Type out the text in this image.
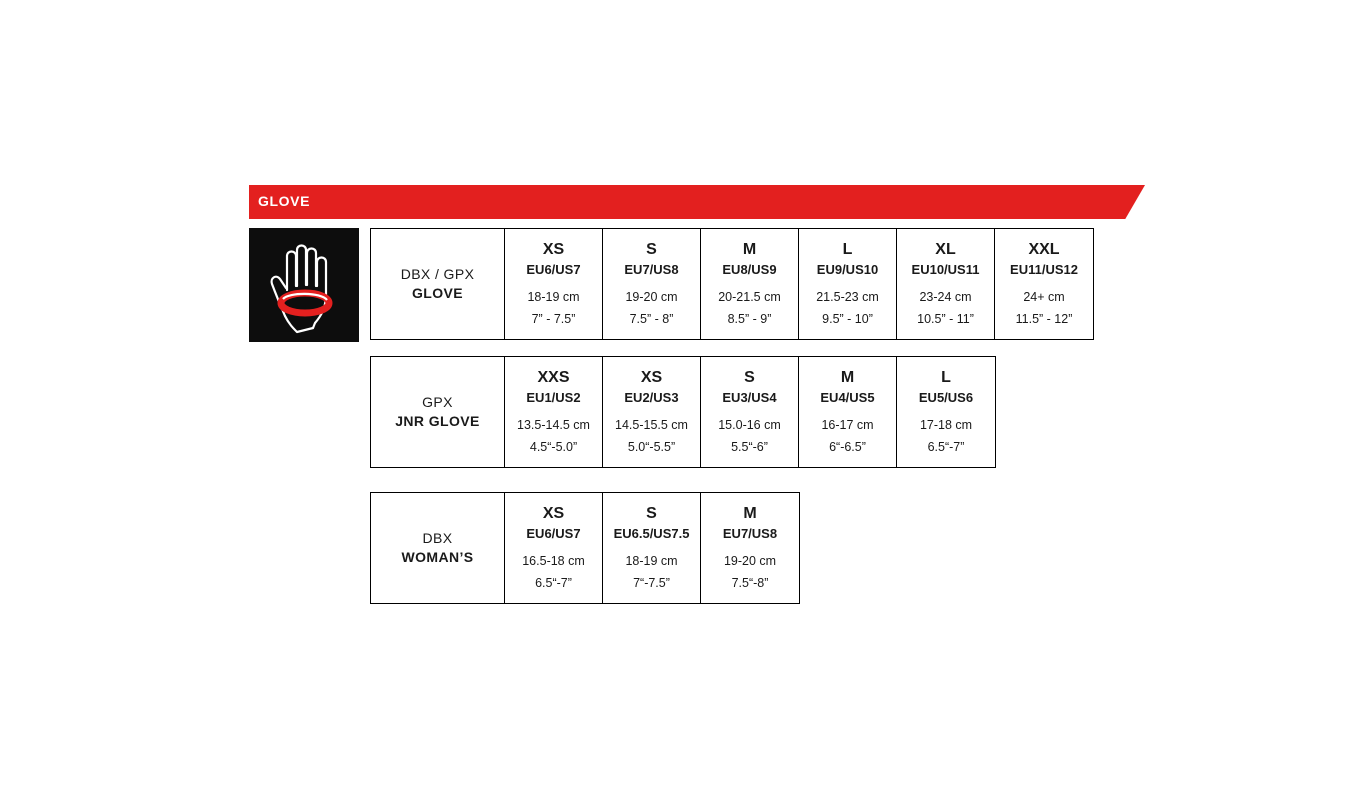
GLOVE
DBX / GPX
GLOVE
XS
EU6/US7
18-19 cm
7” - 7.5”
S
EU7/US8
19-20 cm
7.5” - 8”
M
EU8/US9
20-21.5 cm
8.5” - 9”
L
EU9/US10
21.5-23 cm
9.5” - 10”
XL
EU10/US11
23-24 cm
10.5” - 11”
XXL
EU11/US12
24+ cm
11.5” - 12”
GPX
JNR GLOVE
XXS
EU1/US2
13.5-14.5 cm
4.5“-5.0”
XS
EU2/US3
14.5-15.5 cm
5.0“-5.5”
S
EU3/US4
15.0-16 cm
5.5“-6”
M
EU4/US5
16-17 cm
6“-6.5”
L
EU5/US6
17-18 cm
6.5“-7”
DBX
WOMAN’S
XS
EU6/US7
16.5-18 cm
6.5“-7”
S
EU6.5/US7.5
18-19 cm
7“-7.5”
M
EU7/US8
19-20 cm
7.5“-8”
